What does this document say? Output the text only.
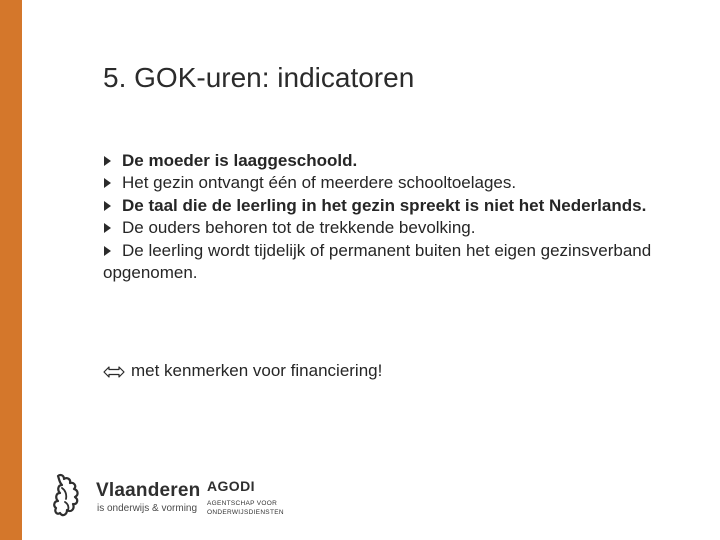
5. GOK-uren: indicatoren
De moeder is laaggeschoold.
Het gezin ontvangt één of meerdere schooltoelages.
De taal die de leerling in het gezin spreekt is niet het Nederlands.
De ouders behoren tot de trekkende bevolking.
De leerling wordt tijdelijk of permanent buiten het eigen gezinsverband opgenomen.
met kenmerken voor financiering!
Vlaanderen
is onderwijs & vorming
AGODI
AGENTSCHAP VOOR ONDERWIJSDIENSTEN
